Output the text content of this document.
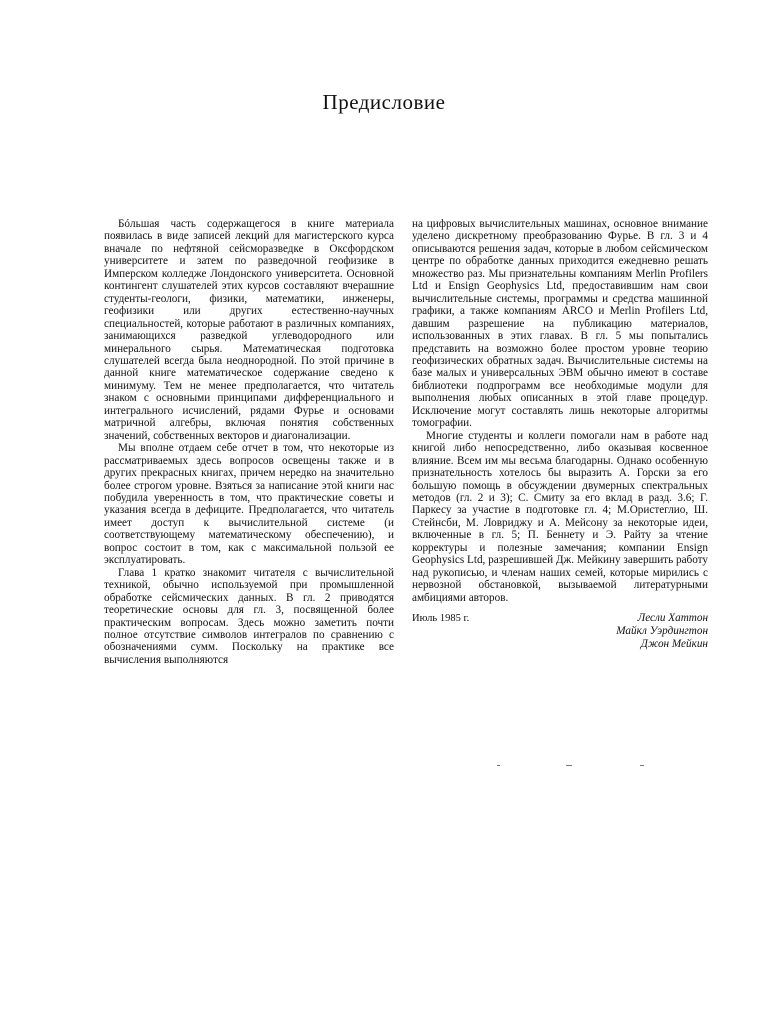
Предисловие

Бóльшая часть содержащегося в книге материала появилась в виде записей лекций для магистерского курса вначале по нефтяной сейсморазведке в Оксфордском университете и затем по разведочной геофизике в Имперском колледже Лондонского университета. Основной контингент слушателей этих курсов составляют вчерашние студенты-геологи, физики, математики, инженеры, геофизики или других естественно-научных специальностей, которые работают в различных компаниях, занимающихся разведкой углеводородного или минерального сырья. Математическая подготовка слушателей всегда была неоднородной. По этой причине в данной книге математическое содержание сведено к минимуму. Тем не менее предполагается, что читатель знаком с основными принципами дифференциального и интегрального исчислений, рядами Фурье и основами матричной алгебры, включая понятия собственных значений, собственных векторов и диагонализации.

Мы вполне отдаем себе отчет в том, что некоторые из рассматриваемых здесь вопросов освещены также и в других прекрасных книгах, причем нередко на значительно более строгом уровне. Взяться за написание этой книги нас побудила уверенность в том, что практические советы и указания всегда в дефиците. Предполагается, что читатель имеет доступ к вычислительной системе (и соответствующему математическому обеспечению), и вопрос состоит в том, как с максимальной пользой ее эксплуатировать.

Глава 1 кратко знакомит читателя с вычислительной техникой, обычно используемой при промышленной обработке сейсмических данных. В гл. 2 приводятся теоретические основы для гл. 3, посвященной более практическим вопросам. Здесь можно заметить почти полное отсутствие символов интегралов по сравнению с обозначениями сумм. Поскольку на практике все вычисления выполняются

на цифровых вычислительных машинах, основное внимание уделено дискретному преобразованию Фурье. В гл. 3 и 4 описываются решения задач, которые в любом сейсмическом центре по обработке данных приходится ежедневно решать множество раз. Мы признательны компаниям Merlin Profilers Ltd и Ensign Geophysics Ltd, предоставившим нам свои вычислительные системы, программы и средства машинной графики, а также компаниям ARCO и Merlin Profilers Ltd, давшим разрешение на публикацию материалов, использованных в этих главах. В гл. 5 мы попытались представить на возможно более простом уровне теорию геофизических обратных задач. Вычислительные системы на базе малых и универсальных ЭВМ обычно имеют в составе библиотеки подпрограмм все необходимые модули для выполнения любых описанных в этой главе процедур. Исключение могут составлять лишь некоторые алгоритмы томографии.

Многие студенты и коллеги помогали нам в работе над книгой либо непосредственно, либо оказывая косвенное влияние. Всем им мы весьма благодарны. Однако особенную признательность хотелось бы выразить А. Горски за его большую помощь в обсуждении двумерных спектральных методов (гл. 2 и 3); С. Смиту за его вклад в разд. 3.6; Г. Паркесу за участие в подготовке гл. 4; М.Ористеглио, Ш. Стейнсби, М. Ловриджу и А. Мейсону за некоторые идеи, включенные в гл. 5; П. Беннету и Э. Райту за чтение корректуры и полезные замечания; компании Ensign Geophysics Ltd, разрешившей Дж. Мейкину завершить работу над рукописью, и членам наших семей, которые мирились с нервозной обстановкой, вызываемой литературными амбициями авторов.

Июль 1985 г.	Лесли Хаттон
Майкл Уэрдингтон
Джон Мейкин
